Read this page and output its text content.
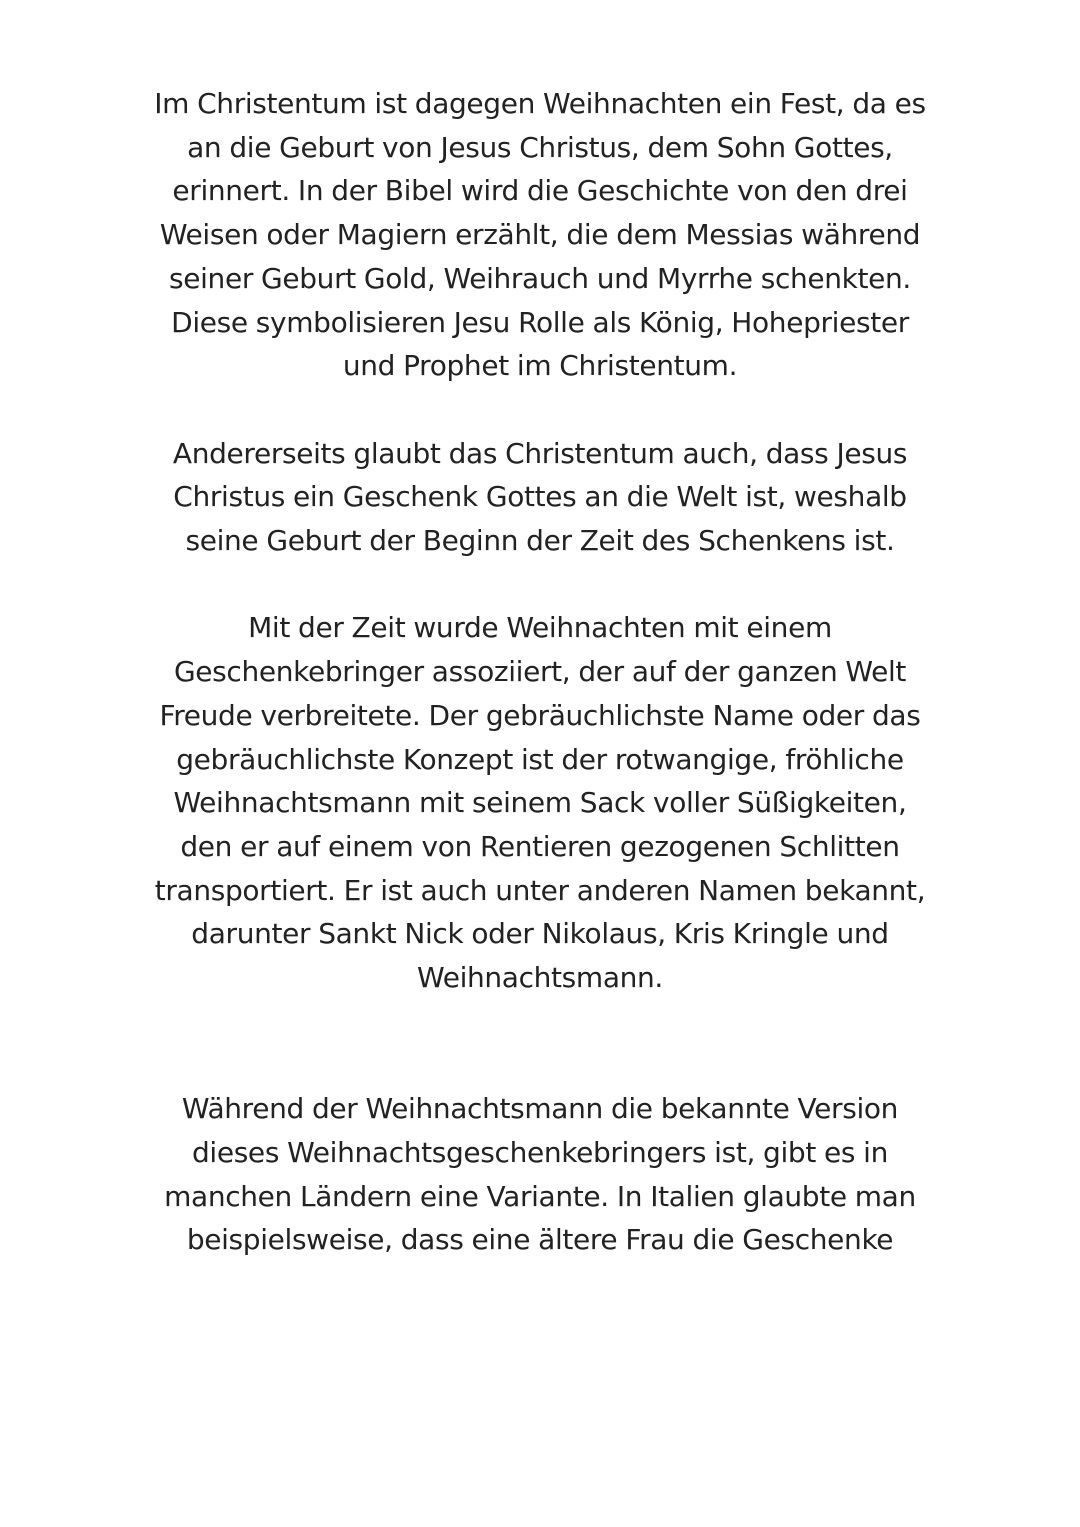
Im Christentum ist dagegen Weihnachten ein Fest, da es
an die Geburt von Jesus Christus, dem Sohn Gottes,
erinnert. In der Bibel wird die Geschichte von den drei
Weisen oder Magiern erzählt, die dem Messias während
seiner Geburt Gold, Weihrauch und Myrrhe schenkten.
Diese symbolisieren Jesu Rolle als König, Hohepriester
und Prophet im Christentum.

Andererseits glaubt das Christentum auch, dass Jesus
Christus ein Geschenk Gottes an die Welt ist, weshalb
seine Geburt der Beginn der Zeit des Schenkens ist.

Mit der Zeit wurde Weihnachten mit einem
Geschenkebringer assoziiert, der auf der ganzen Welt
Freude verbreitete. Der gebräuchlichste Name oder das
gebräuchlichste Konzept ist der rotwangige, fröhliche
Weihnachtsmann mit seinem Sack voller Süßigkeiten,
den er auf einem von Rentieren gezogenen Schlitten
transportiert. Er ist auch unter anderen Namen bekannt,
darunter Sankt Nick oder Nikolaus, Kris Kringle und
Weihnachtsmann.

Während der Weihnachtsmann die bekannte Version
dieses Weihnachtsgeschenkebringers ist, gibt es in
manchen Ländern eine Variante. In Italien glaubte man
beispielsweise, dass eine ältere Frau die Geschenke
